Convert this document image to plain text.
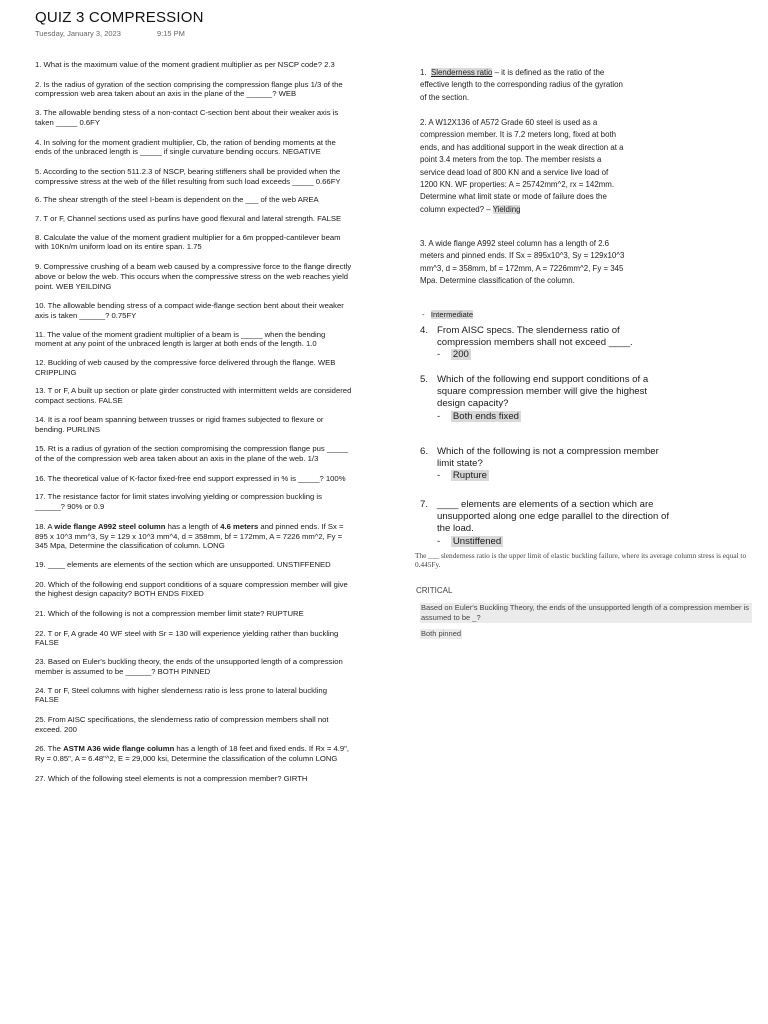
QUIZ 3 COMPRESSION
Tuesday, January 3, 2023	9:15 PM

1. What is the maximum value of the moment gradient multiplier as per NSCP code? 2.3

2. Is the radius of gyration of the section comprising the compression flange plus 1/3 of the compression web area taken about an axis in the plane of the ______? WEB

3. The allowable bending stess of a non-contact C-section bent about their weaker axis is taken _____ 0.6FY

4. In solving for the moment gradient multiplier, Cb, the ration of bending moments at the ends of the unbraced length is _____ if single curvature bending occurs. NEGATIVE

5. According to the section 511.2.3 of NSCP, bearing stiffeners shall be provided when the compressive stress at the web of the fillet resulting from such load exceeds _____ 0.66FY

6. The shear strength of the steel I-beam is dependent on the ___ of the web AREA

7. T or F, Channel sections used as purlins have good flexural and lateral strength. FALSE

8. Calculate the value of the moment gradient multiplier for a 6m propped-cantilever beam with 10Kn/m uniform load on its entire span. 1.75

9. Compressive crushing of a beam web caused by a compressive force to the flange directly above or below the web. This occurs when the compressive stress on the web reaches yield point. WEB YEILDING

10. The allowable bending stress of a compact wide-flange section bent about their weaker axis is taken ______? 0.75FY

11. The value of the moment gradient multiplier of a beam is _____ when the bending moment at any point of the unbraced length is larger at both ends of the length. 1.0

12. Buckling of web caused by the compressive force delivered through the flange. WEB CRIPPLING

13. T or F, A built up section or plate girder constructed with intermittent welds are considered compact sections. FALSE

14. It is a roof beam spanning between trusses or rigid frames subjected to flexure or bending. PURLINS

15. Rt is a radius of gyration of the section compromising the compression flange pus _____ of the of the compression web area taken about an axis in the plane of the web. 1/3

16. The theoretical value of K-factor fixed-free end support expressed in % is _____? 100%

17. The resistance factor for limit states involving yielding or compression buckling is ______? 90% or 0.9

18. A wide flange A992 steel column has a length of 4.6 meters and pinned ends. If Sx = 895 x 10^3 mm^3, Sy = 129 x 10^3 mm^4, d = 358mm, bf = 172mm, A = 7226 mm^2, Fy = 345 Mpa, Determine the classification of column. LONG

19. ____ elements are elements of the section which are unsupported. UNSTIFFENED

20. Which of the following end support conditions of a square compression member will give the highest design capacity? BOTH ENDS FIXED

21. Which of the following is not a compression member limit state? RUPTURE

22. T or F, A grade 40 WF steel with Sr = 130 will experience yielding rather than buckling FALSE

23. Based on Euler's buckling theory, the ends of the unsupported length of a compression member is assumed to be ______? BOTH PINNED

24. T or F, Steel columns with higher slenderness ratio is less prone to lateral buckling FALSE

25. From AISC specifications, the slenderness ratio of compression members shall not exceed. 200

26. The ASTM A36 wide flange column has a length of 18 feet and fixed ends. If Rx = 4.9", Ry = 0.85", A = 6.48"^2, E = 29,000 ksi, Determine the classification of the column LONG

27. Which of the following steel elements is not a compression member? GIRTH

1. Slenderness ratio – it is defined as the ratio of the effective length to the corresponding radius of the gyration of the section.

2. A W12X136 of A572 Grade 60 steel is used as a compression member. It is 7.2 meters long, fixed at both ends, and has additional support in the weak direction at a point 3.4 meters from the top. The member resists a service dead load of 800 KN and a service live load of 1200 KN. WF properties: A = 25742mm^2, rx = 142mm. Determine what limit state or mode of failure does the column expected? – Yielding

3. A wide flange A992 steel column has a length of 2.6 meters and pinned ends. If Sx = 895x10^3, Sy = 129x10^3 mm^3, d = 358mm, bf = 172mm, A = 7226mm^2, Fy = 345 Mpa. Determine classification of the column.

- Intermediate
4. From AISC specs. The slenderness ratio of compression members shall not exceed ____.
- 200
5. Which of the following end support conditions of a square compression member will give the highest design capacity?
- Both ends fixed
6. Which of the following is not a compression member limit state?
- Rupture
7. ____ elements are elements of a section which are unsupported along one edge parallel to the direction of the load.
- Unstiffened
The ___ slenderness ratio is the upper limit of elastic buckling failure, where its average column stress is equal to 0.445Fy.
CRITICAL
Based on Euler's Buckling Theory, the ends of the unsupported length of a compression member is assumed to be _?
Both pinned
